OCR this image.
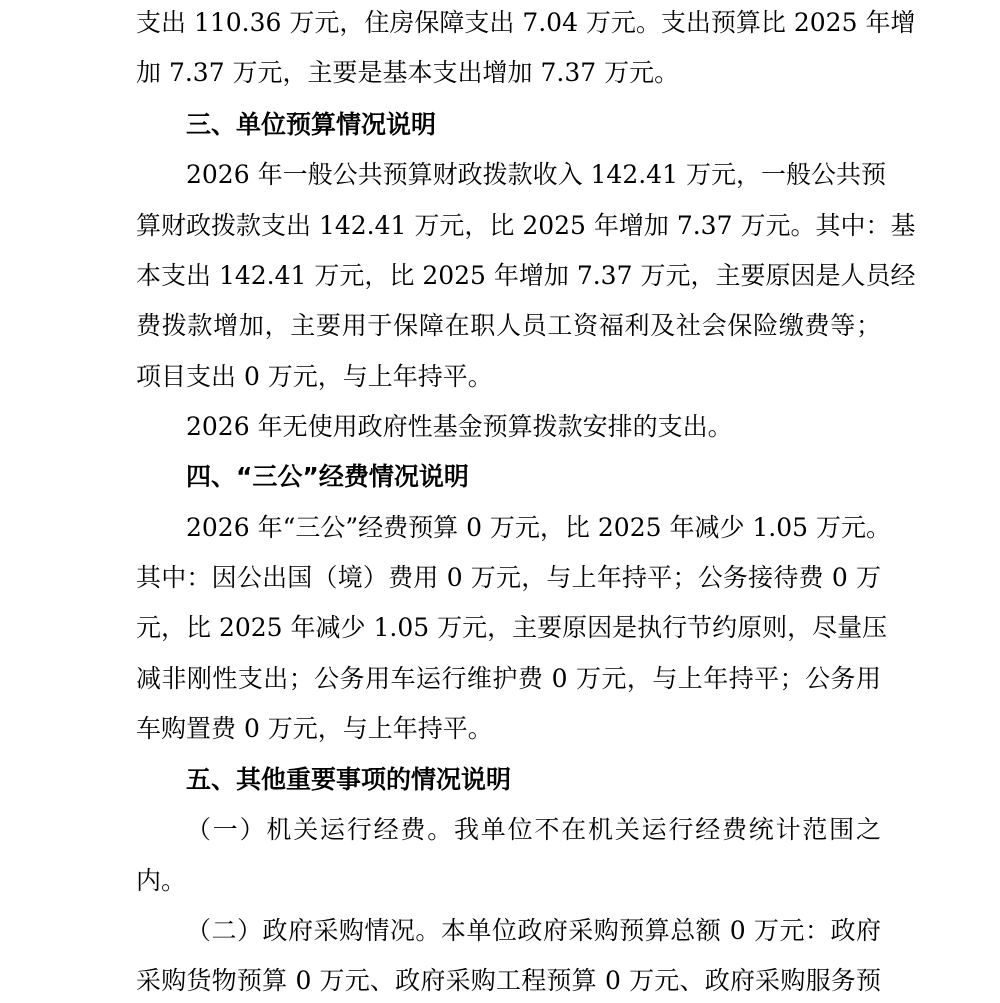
支出 110.36 万元，住房保障支出 7.04 万元。支出预算比 2025 年增
加 7.37 万元，主要是基本支出增加 7.37 万元。
三、单位预算情况说明
2026 年一般公共预算财政拨款收入 142.41 万元，一般公共预
算财政拨款支出 142.41 万元，比 2025 年增加 7.37 万元。其中：基
本支出 142.41 万元，比 2025 年增加 7.37 万元，主要原因是人员经
费拨款增加，主要用于保障在职人员工资福利及社会保险缴费等；
项目支出 0 万元，与上年持平。
2026 年无使用政府性基金预算拨款安排的支出。
四、“三公”经费情况说明
2026 年“三公”经费预算 0 万元，比 2025 年减少 1.05 万元。
其中：因公出国（境）费用 0 万元，与上年持平；公务接待费 0 万
元，比 2025 年减少 1.05 万元，主要原因是执行节约原则，尽量压
减非刚性支出；公务用车运行维护费 0 万元，与上年持平；公务用
车购置费 0 万元，与上年持平。
五、其他重要事项的情况说明
（一）机关运行经费。我单位不在机关运行经费统计范围之
内。
（二）政府采购情况。本单位政府采购预算总额 0 万元：政府
采购货物预算 0 万元、政府采购工程预算 0 万元、政府采购服务预
